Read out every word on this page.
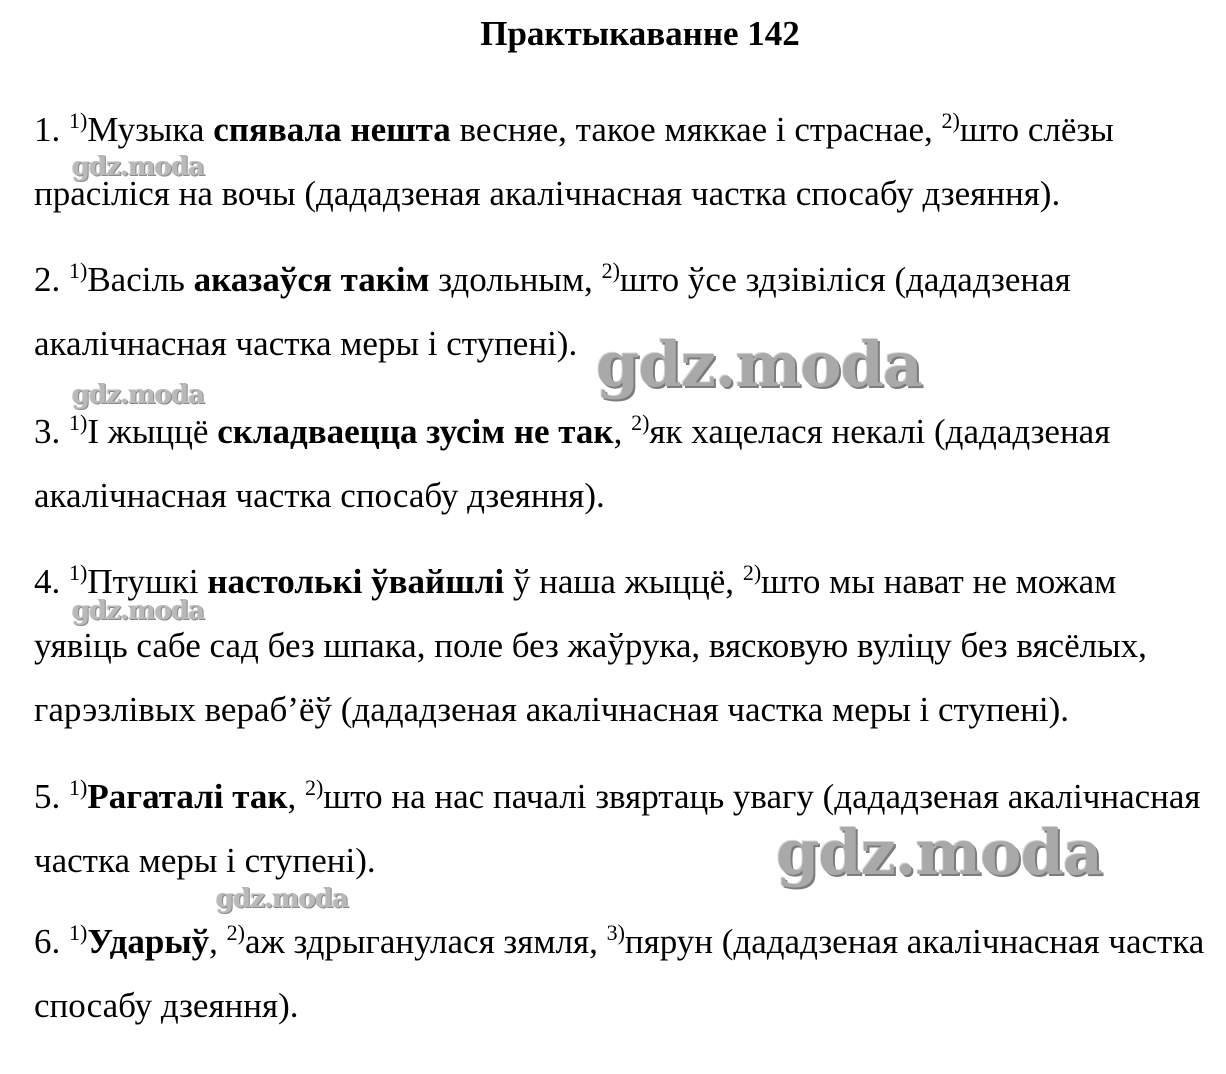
Практыкаванне 142
1. $^{1)}$Музыка спявала нешта весняе, такое мяккае і страснае, $^{2)}$што слёзы прасіліся на вочы (дададзеная акалічнасная частка спосабу дзеяння).
2. $^{1)}$Васіль аказаўся такім здольным, $^{2)}$што ўсе здзівіліся (дададзеная акалічнасная частка меры і ступені).
3. $^{1)}$І жыццё складваецца зусім не так, $^{2)}$як хацелася некалі (дададзеная акалічнасная частка спосабу дзеяння).
4. $^{1)}$Птушкі настолькі ўвайшлі ў наша жыццё, $^{2)}$што мы нават не можам уявіць сабе сад без шпака, поле без жаўрука, вясковую вуліцу без вясёлых, гарэзлівых вераб’ёў (дададзеная акалічнасная частка меры і ступені).
5. $^{1)}$Рагаталі так, $^{2)}$што на нас пачалі звяртаць увагу (дададзеная акалічнасная частка меры і ступені).
6. $^{1)}$Ударыў, $^{2)}$аж здрыганулася зямля, $^{3)}$пярун (дададзеная акалічнасная частка спосабу дзеяння).
gdz.moda
gdz.moda
gdz.moda
gdz.moda
gdz.moda
gdz.moda
